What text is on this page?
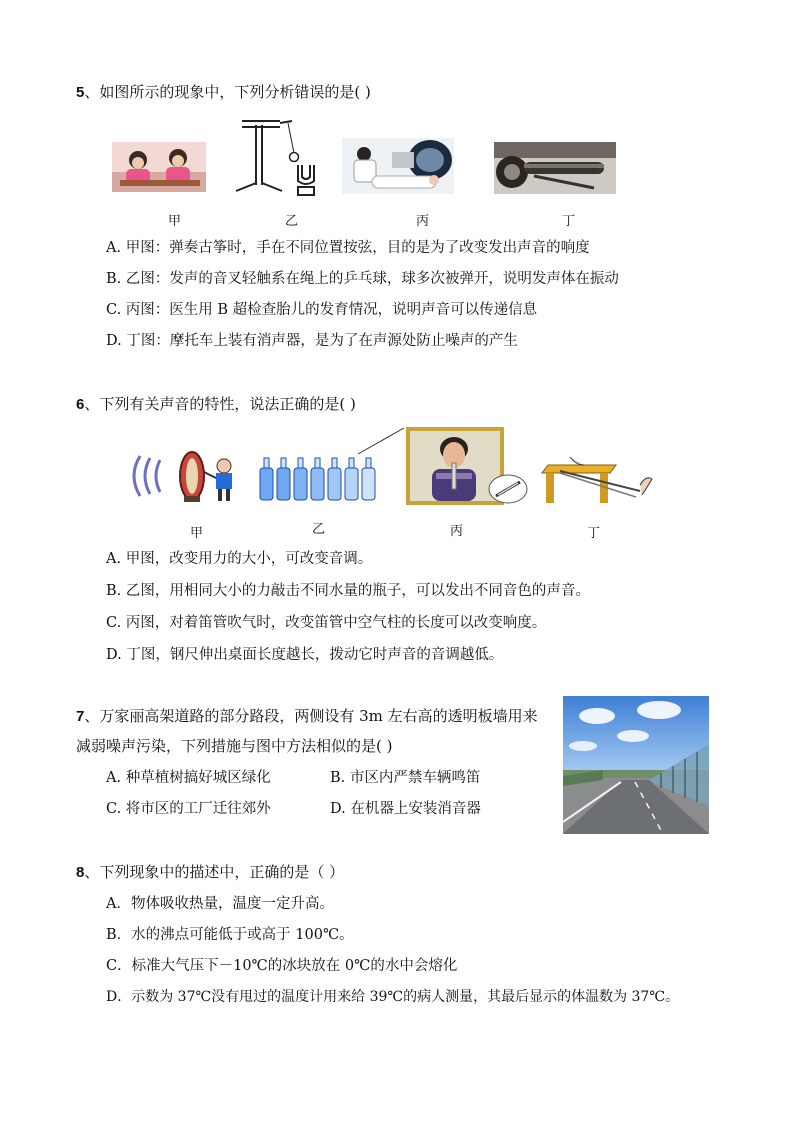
5、如图所示的现象中，下列分析错误的是( )
甲	乙	丙	丁
A. 甲图：弹奏古筝时，手在不同位置按弦，目的是为了改变发出声音的响度
B. 乙图：发声的音叉轻触系在绳上的乒乓球，球多次被弹开，说明发声体在振动
C. 丙图：医生用 B 超检查胎儿的发育情况，说明声音可以传递信息
D. 丁图：摩托车上装有消声器，是为了在声源处防止噪声的产生
6、下列有关声音的特性，说法正确的是( )
甲	乙	丙	丁
A. 甲图，改变用力的大小，可改变音调。
B. 乙图，用相同大小的力敲击不同水量的瓶子，可以发出不同音色的声音。
C. 丙图，对着笛管吹气时，改变笛管中空气柱的长度可以改变响度。
D. 丁图，钢尺伸出桌面长度越长，拨动它时声音的音调越低。
7、万家丽高架道路的部分路段，两侧设有 3m 左右高的透明板墙用来
减弱噪声污染，下列措施与图中方法相似的是( )
A. 种草植树搞好城区绿化	B. 市区内严禁车辆鸣笛
C. 将市区的工厂迁往郊外	D. 在机器上安装消音器
8、下列现象中的描述中，正确的是（ ）
A．物体吸收热量，温度一定升高。
B．水的沸点可能低于或高于 100℃。
C．标准大气压下－10℃的冰块放在 0℃的水中会熔化
D．示数为 37℃没有甩过的温度计用来给 39℃的病人测量，其最后显示的体温数为 37℃。
